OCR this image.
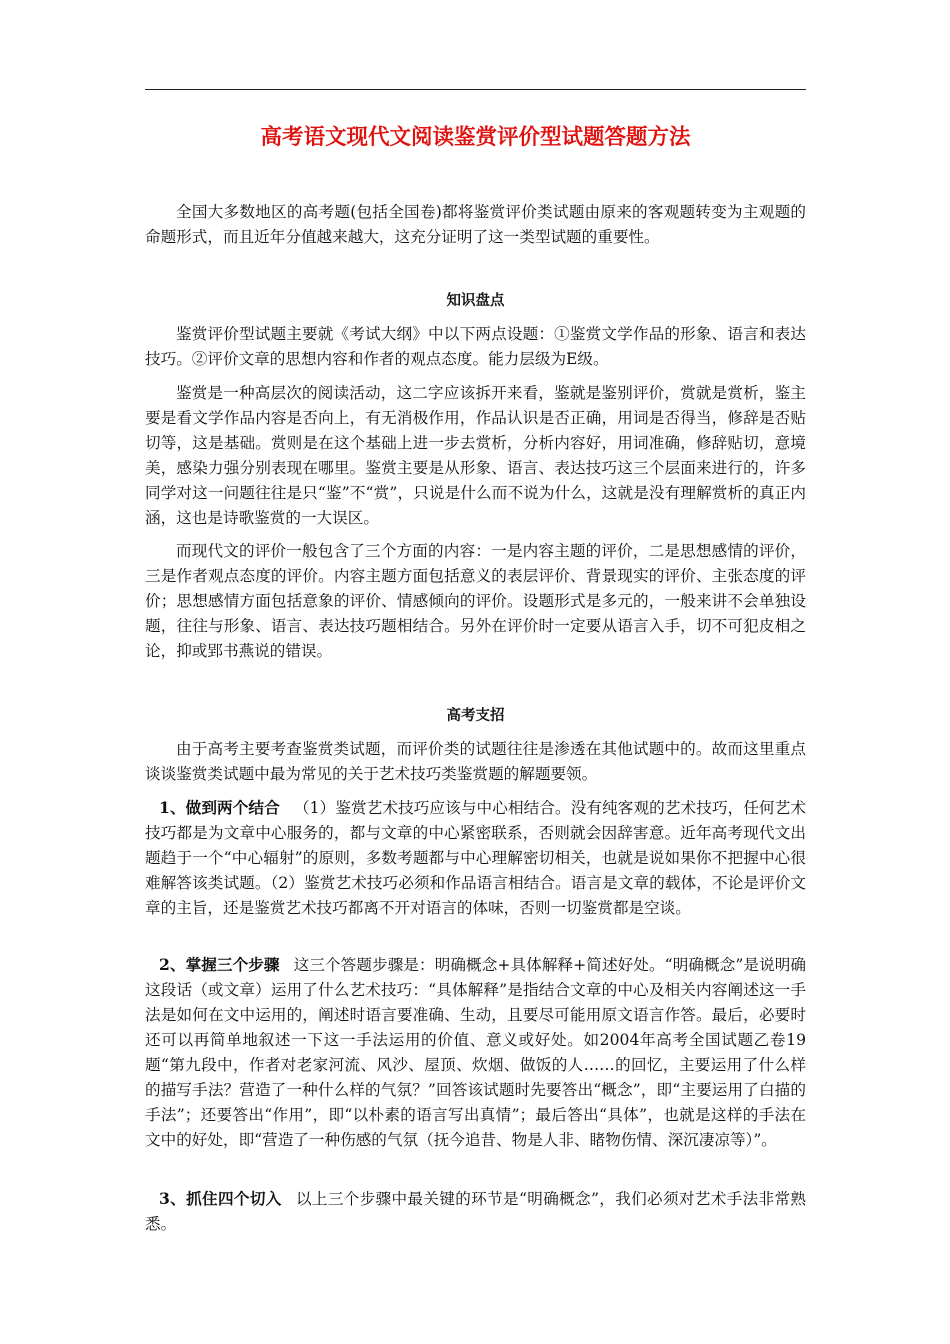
高考语文现代文阅读鉴赏评价型试题答题方法

全国大多数地区的高考题(包括全国卷)都将鉴赏评价类试题由原来的客观题转变为主观题的命题形式，而且近年分值越来越大，这充分证明了这一类型试题的重要性。

知识盘点

鉴赏评价型试题主要就《考试大纲》中以下两点设题：①鉴赏文学作品的形象、语言和表达技巧。②评价文章的思想内容和作者的观点态度。能力层级为E级。

鉴赏是一种高层次的阅读活动，这二字应该拆开来看，鉴就是鉴别评价，赏就是赏析，鉴主要是看文学作品内容是否向上，有无消极作用，作品认识是否正确，用词是否得当，修辞是否贴切等，这是基础。赏则是在这个基础上进一步去赏析，分析内容好，用词准确，修辞贴切，意境美，感染力强分别表现在哪里。鉴赏主要是从形象、语言、表达技巧这三个层面来进行的，许多同学对这一问题往往是只“鉴”不“赏”，只说是什么而不说为什么，这就是没有理解赏析的真正内涵，这也是诗歌鉴赏的一大误区。

而现代文的评价一般包含了三个方面的内容：一是内容主题的评价，二是思想感情的评价，三是作者观点态度的评价。内容主题方面包括意义的表层评价、背景现实的评价、主张态度的评价；思想感情方面包括意象的评价、情感倾向的评价。设题形式是多元的，一般来讲不会单独设题，往往与形象、语言、表达技巧题相结合。另外在评价时一定要从语言入手，切不可犯皮相之论，抑或郢书燕说的错误。

高考支招

由于高考主要考查鉴赏类试题，而评价类的试题往往是渗透在其他试题中的。故而这里重点谈谈鉴赏类试题中最为常见的关于艺术技巧类鉴赏题的解题要领。

1、做到两个结合 （1）鉴赏艺术技巧应该与中心相结合。没有纯客观的艺术技巧，任何艺术技巧都是为文章中心服务的，都与文章的中心紧密联系，否则就会因辞害意。近年高考现代文出题趋于一个“中心辐射”的原则，多数考题都与中心理解密切相关，也就是说如果你不把握中心很难解答该类试题。（2）鉴赏艺术技巧必须和作品语言相结合。语言是文章的载体，不论是评价文章的主旨，还是鉴赏艺术技巧都离不开对语言的体味，否则一切鉴赏都是空谈。

2、掌握三个步骤 这三个答题步骤是：明确概念+具体解释+简述好处。“明确概念”是说明确这段话（或文章）运用了什么艺术技巧：“具体解释”是指结合文章的中心及相关内容阐述这一手法是如何在文中运用的，阐述时语言要准确、生动，且要尽可能用原文语言作答。最后，必要时还可以再简单地叙述一下这一手法运用的价值、意义或好处。如2004年高考全国试题乙卷19题“第九段中，作者对老家河流、风沙、屋顶、炊烟、做饭的人……的回忆，主要运用了什么样的描写手法？营造了一种什么样的气氛？”回答该试题时先要答出“概念”，即“主要运用了白描的手法”；还要答出“作用”，即“以朴素的语言写出真情”；最后答出“具体”，也就是这样的手法在文中的好处，即“营造了一种伤感的气氛（抚今追昔、物是人非、睹物伤情、深沉凄凉等）”。

3、抓住四个切入 以上三个步骤中最关键的环节是“明确概念”，我们必须对艺术手法非常熟悉。
